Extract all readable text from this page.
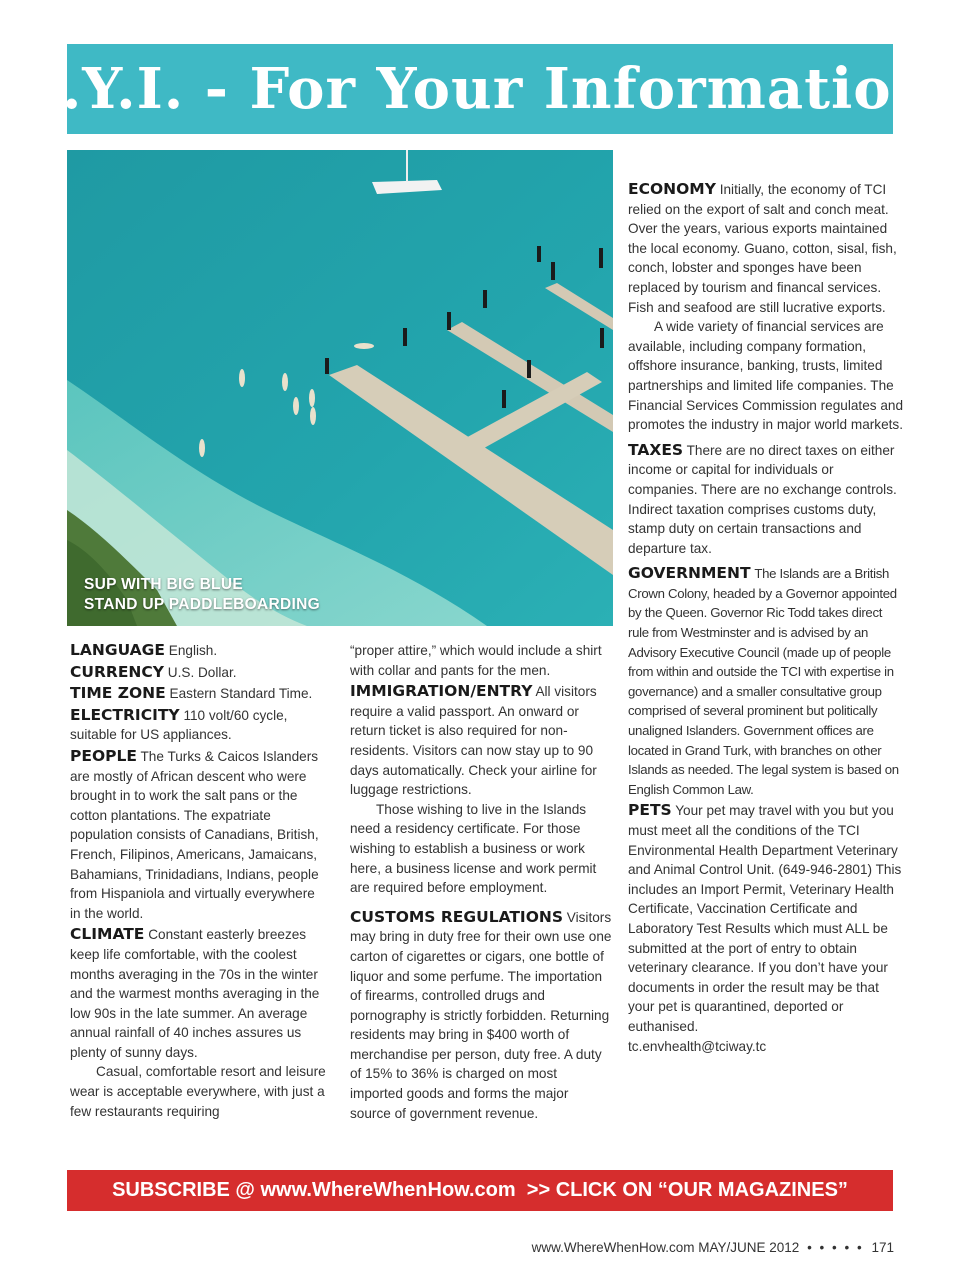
F.Y.I. - For Your Information
SUP WITH BIG BLUE
STAND UP PADDLEBOARDING

LANGUAGE English.

CURRENCY U.S. Dollar.

TIME ZONE Eastern Standard Time.

ELECTRICITY 110 volt/60 cycle, suitable for US appliances.

PEOPLE The Turks & Caicos Islanders are mostly of African descent who were brought in to work the salt pans or the cotton plantations. The expatriate population consists of Canadians, British, French, Filipinos, Americans, Jamaicans, Bahamians, Trinidadians, Indians, people from Hispaniola and virtually everywhere in the world.

CLIMATE Constant easterly breezes keep life comfortable, with the coolest months averaging in the 70s in the winter and the warmest months averaging in the low 90s in the late summer. An average annual rainfall of 40 inches assures us plenty of sunny days.

Casual, comfortable resort and leisure wear is acceptable everywhere, with just a few restaurants requiring

“proper attire,” which would include a shirt with collar and pants for the men.

IMMIGRATION/ENTRY All visitors require a valid passport. An onward or return ticket is also required for non-residents. Visitors can now stay up to 90 days automatically. Check your airline for luggage restrictions.

Those wishing to live in the Islands need a residency certificate. For those wishing to establish a business or work here, a business license and work permit are required before employment.

CUSTOMS REGULATIONS Visitors may bring in duty free for their own use one carton of cigarettes or cigars, one bottle of liquor and some perfume. The importation of firearms, controlled drugs and pornography is strictly forbidden. Returning residents may bring in $400 worth of merchandise per person, duty free. A duty of 15% to 36% is charged on most imported goods and forms the major source of government revenue.

ECONOMY Initially, the economy of TCI relied on the export of salt and conch meat. Over the years, various exports maintained the local economy. Guano, cotton, sisal, fish, conch, lobster and sponges have been replaced by tourism and financal services. Fish and seafood are still lucrative exports.

A wide variety of financial services are available, including company formation, offshore insurance, banking, trusts, limited partnerships and limited life companies. The Financial Services Commission regulates and promotes the industry in major world markets.

TAXES There are no direct taxes on either income or capital for individuals or companies. There are no exchange controls. Indirect taxation comprises customs duty, stamp duty on certain transactions and departure tax.

GOVERNMENT The Islands are a British Crown Colony, headed by a Governor appointed by the Queen. Governor Ric Todd takes direct rule from Westminster and is advised by an Advisory Executive Council (made up of people from within and outside the TCI with expertise in governance) and a smaller consultative group comprised of several prominent but politically unaligned Islanders. Government offices are located in Grand Turk, with branches on other Islands as needed. The legal system is based on English Common Law.

PETS Your pet may travel with you but you must meet all the conditions of the TCI Environmental Health Department Veterinary and Animal Control Unit. (649-946-2801) This includes an Import Permit, Veterinary Health Certificate, Vaccination Certificate and Laboratory Test Results which must ALL be submitted at the port of entry to obtain veterinary clearance. If you don’t have your documents in order the result may be that your pet is quarantined, deported or euthanised.

tc.envhealth@tciway.tc

SUBSCRIBE @ www.WhereWhenHow.com  >> CLICK ON “OUR MAGAZINES”
www.WhereWhenHow.com MAY/JUNE 2012 • • • • • 171
